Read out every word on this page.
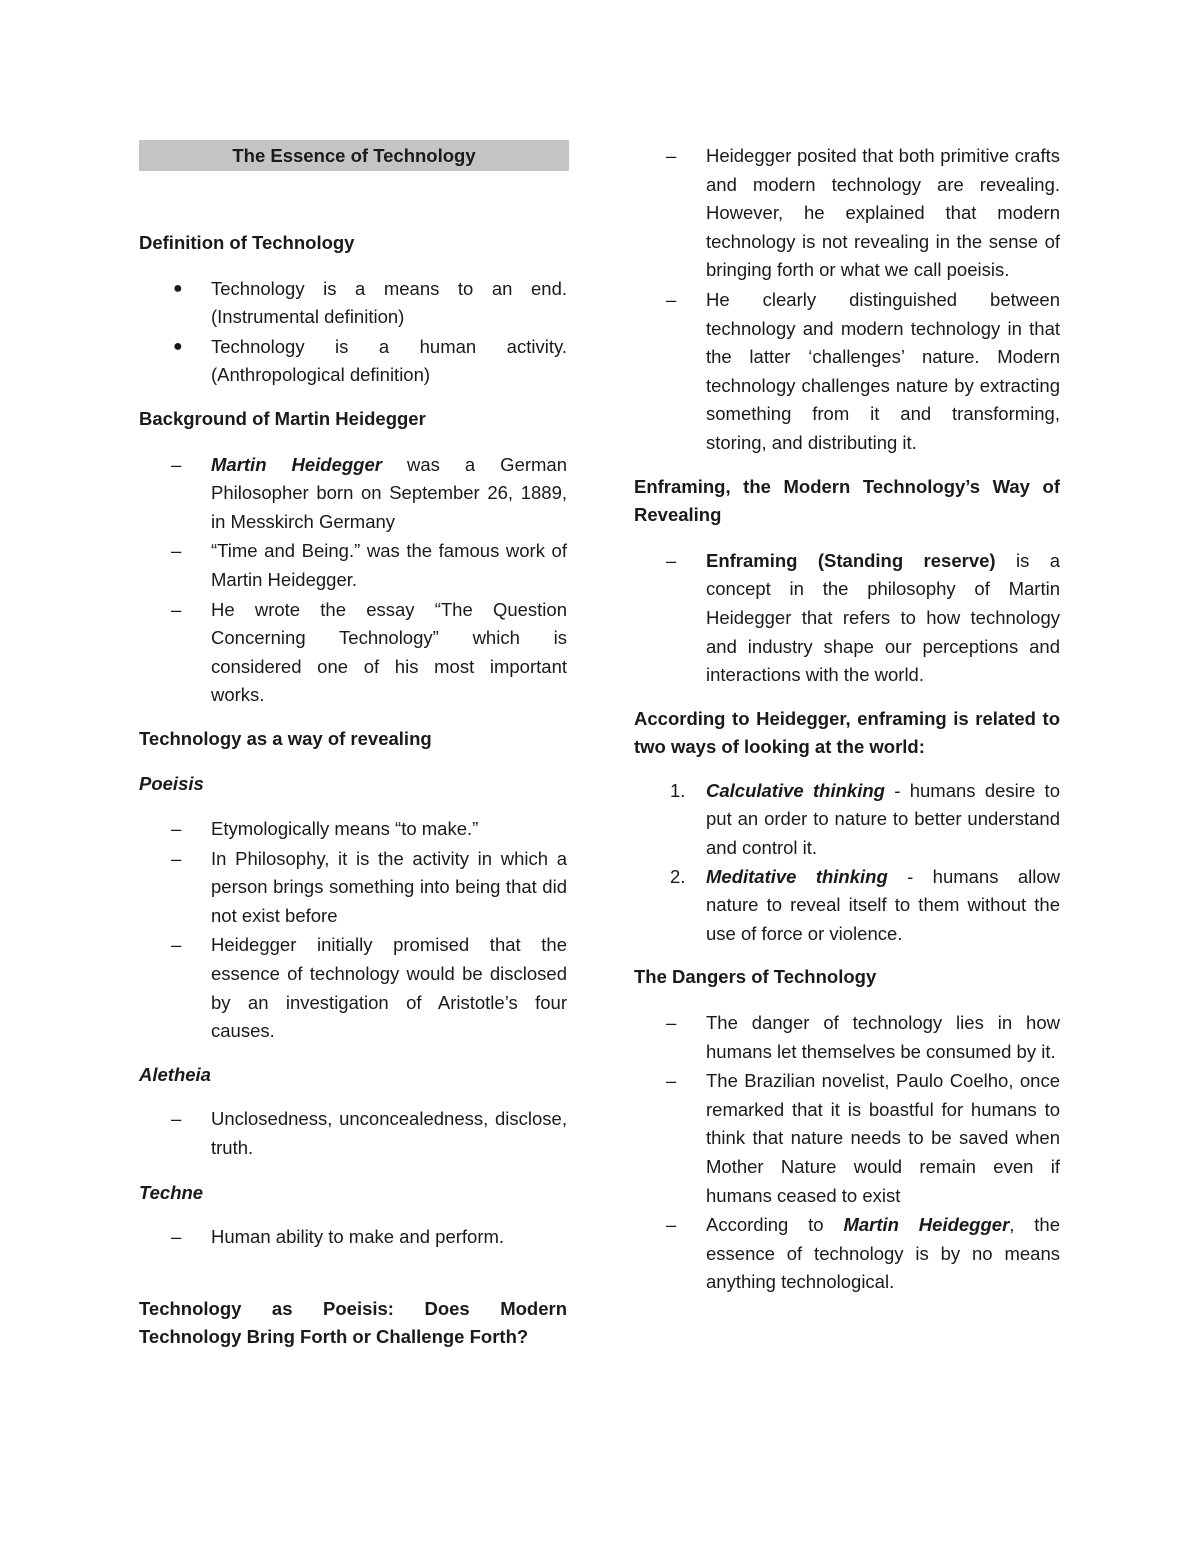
The Essence of Technology

Definition of Technology

● Technology is a means to an end.
(Instrumental definition)
● Technology is a human activity.
(Anthropological definition)

Background of Martin Heidegger

– Martin Heidegger was a German Philosopher born on September 26, 1889, in Messkirch Germany
– “Time and Being.” was the famous work of Martin Heidegger.
– He wrote the essay “The Question Concerning Technology” which is considered one of his most important works.

Technology as a way of revealing

Poeisis

– Etymologically means “to make.”
– In Philosophy, it is the activity in which a person brings something into being that did not exist before
– Heidegger initially promised that the essence of technology would be disclosed by an investigation of Aristotle’s four causes.

Aletheia

– Unclosedness, unconcealedness, disclose, truth.

Techne

– Human ability to make and perform.

Technology as Poeisis: Does Modern Technology Bring Forth or Challenge Forth?

– Heidegger posited that both primitive crafts and modern technology are revealing. However, he explained that modern technology is not revealing in the sense of bringing forth or what we call poeisis.
– He clearly distinguished between technology and modern technology in that the latter ‘challenges’ nature. Modern technology challenges nature by extracting something from it and transforming, storing, and distributing it.

Enframing, the Modern Technology’s Way of Revealing

– Enframing (Standing reserve) is a concept in the philosophy of Martin Heidegger that refers to how technology and industry shape our perceptions and interactions with the world.

According to Heidegger, enframing is related to two ways of looking at the world:

1. Calculative thinking - humans desire to put an order to nature to better understand and control it.
2. Meditative thinking - humans allow nature to reveal itself to them without the use of force or violence.

The Dangers of Technology

– The danger of technology lies in how humans let themselves be consumed by it.
– The Brazilian novelist, Paulo Coelho, once remarked that it is boastful for humans to think that nature needs to be saved when Mother Nature would remain even if humans ceased to exist
– According to Martin Heidegger, the essence of technology is by no means anything technological.
